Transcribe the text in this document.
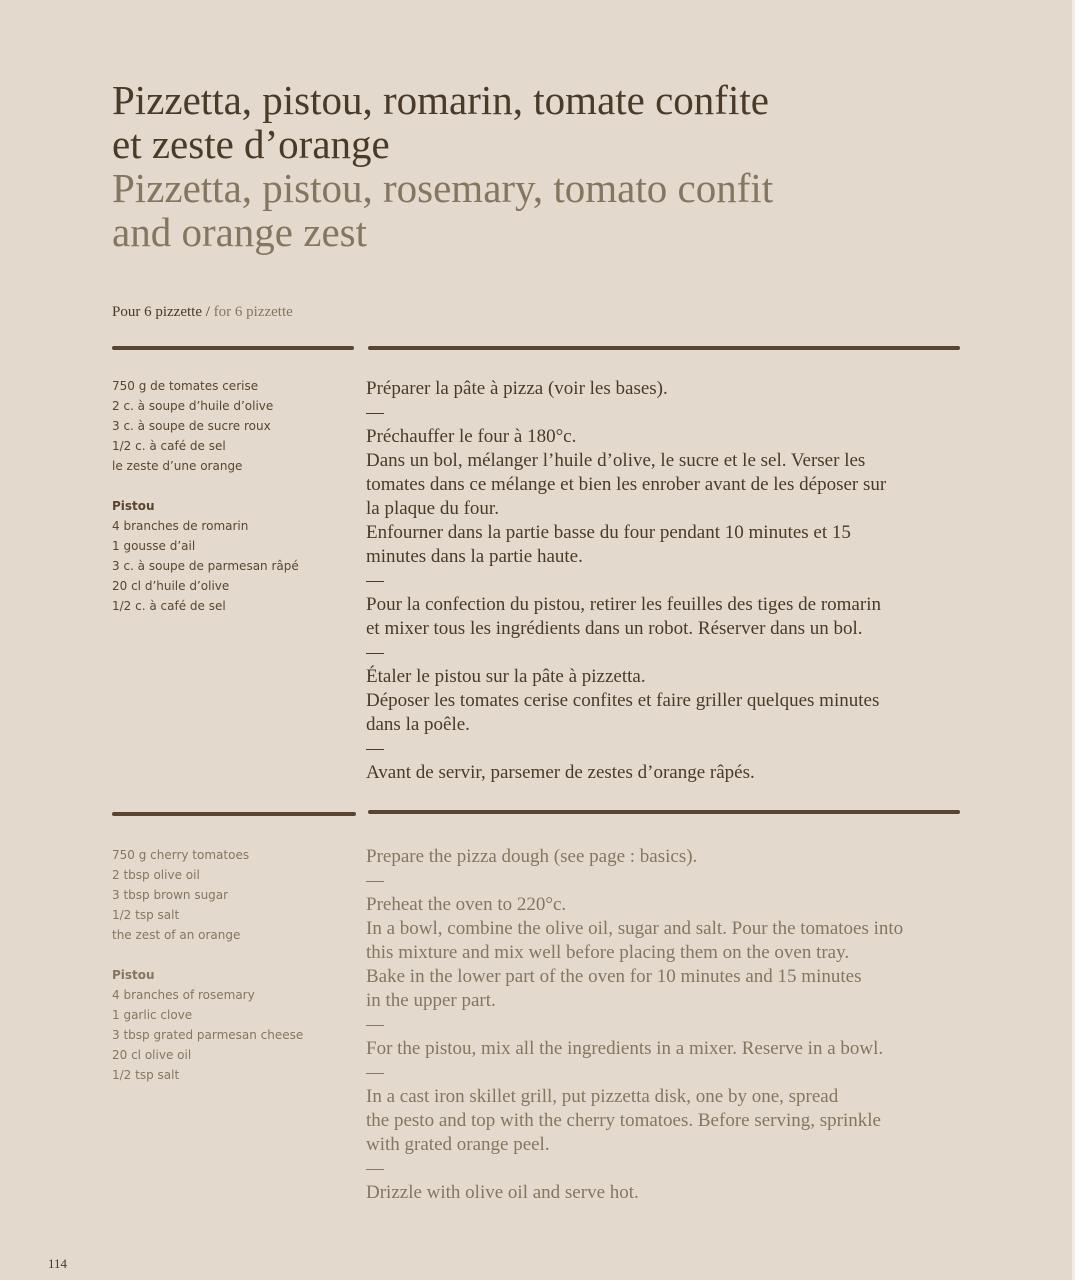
Pizzetta, pistou, romarin, tomate confite
et zeste d’orange
Pizzetta, pistou, rosemary, tomato confit
and orange zest
Pour 6 pizzette / for 6 pizzette
750 g de tomates cerise
2 c. à soupe d’huile d’olive
3 c. à soupe de sucre roux
1/2 c. à café de sel
le zeste d’une orange
Pistou
4 branches de romarin
1 gousse d’ail
3 c. à soupe de parmesan râpé
20 cl d’huile d’olive
1/2 c. à café de sel
Préparer la pâte à pizza (voir les bases).
Préchauffer le four à 180°c.
Dans un bol, mélanger l’huile d’olive, le sucre et le sel. Verser les
tomates dans ce mélange et bien les enrober avant de les déposer sur
la plaque du four.
Enfourner dans la partie basse du four pendant 10 minutes et 15
minutes dans la partie haute.
Pour la confection du pistou, retirer les feuilles des tiges de romarin
et mixer tous les ingrédients dans un robot. Réserver dans un bol.
Étaler le pistou sur la pâte à pizzetta.
Déposer les tomates cerise confites et faire griller quelques minutes
dans la poêle.
Avant de servir, parsemer de zestes d’orange râpés.
750 g cherry tomatoes
2 tbsp olive oil
3 tbsp brown sugar
1/2 tsp salt
the zest of an orange
Pistou
4 branches of rosemary
1 garlic clove
3 tbsp grated parmesan cheese
20 cl olive oil
1/2 tsp salt
Prepare the pizza dough (see page : basics).
Preheat the oven to 220°c.
In a bowl, combine the olive oil, sugar and salt. Pour the tomatoes into
this mixture and mix well before placing them on the oven tray.
Bake in the lower part of the oven for 10 minutes and 15 minutes
in the upper part.
For the pistou, mix all the ingredients in a mixer. Reserve in a bowl.
In a cast iron skillet grill, put pizzetta disk, one by one, spread
the pesto and top with the cherry tomatoes. Before serving, sprinkle
with grated orange peel.
Drizzle with olive oil and serve hot.
114
